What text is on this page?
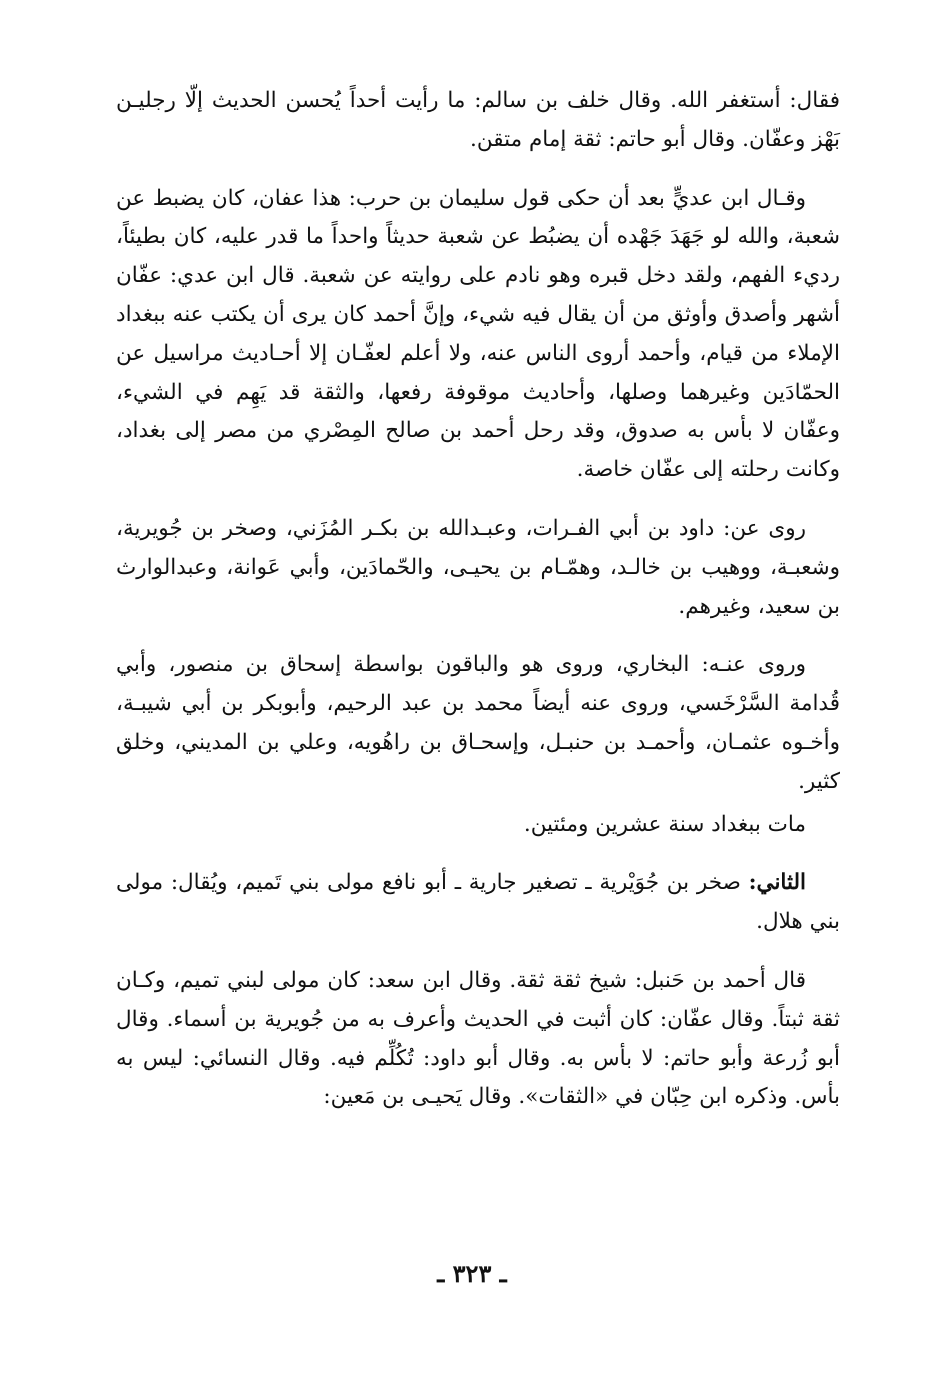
فقال: أستغفر الله. وقال خلف بن سالم: ما رأيت أحداً يُحسن الحديث إلّا رجليـن بَهْز وعفّان. وقال أبو حاتم: ثقة إمام متقن.

وقـال ابن عديٍّ بعد أن حكى قول سليمان بن حرب: هذا عفان، كان يضبط عن شعبة، والله لو جَهَدَ جَهْده أن يضبُط عن شعبة حديثاً واحداً ما قدر عليه، كان بطيئاً، رديء الفهم، ولقد دخل قبره وهو نادم على روايته عن شعبة. قال ابن عدي: عفّان أشهر وأصدق وأوثق من أن يقال فيه شيء، وإنَّ أحمد كان يرى أن يكتب عنه ببغداد الإملاء من قيام، وأحمد أروى الناس عنه، ولا أعلم لعفّـان إلا أحـاديث مراسيل عن الحمّادَين وغيرهما وصلها، وأحاديث موقوفة رفعها، والثقة قد يَهِم في الشيء، وعفّان لا بأس به صدوق، وقد رحل أحمد بن صالح المِصْري من مصر إلى بغداد، وكانت رحلته إلى عفّان خاصة.

روى عن: داود بن أبي الفـرات، وعبـدالله بن بكـر المُزَني، وصخر بن جُويرية، وشعبـة، ووهيب بن خالـد، وهمّـام بن يحيـى، والحّمادَين، وأبي عَوانة، وعبدالوارث بن سعيد، وغيرهم.

وروى عنـه: البخاري، وروى هو والباقون بواسطة إسحاق بن منصور، وأبي قُدامة السَّرْخَسي، وروى عنه أيضاً محمد بن عبد الرحيم، وأبوبكر بن أبي شيبـة، وأخـوه عثمـان، وأحمـد بن حنبـل، وإسحـاق بن راهُويه، وعلي بن المديني، وخلق كثير.

مات ببغداد سنة عشرين ومئتين.

الثاني: صخر بن جُوَيْرية ـ تصغير جارية ـ أبو نافع مولى بني تَميم، ويُقال: مولى بني هلال.

قال أحمد بن حَنبل: شيخ ثقة ثقة. وقال ابن سعد: كان مولى لبني تميم، وكـان ثقة ثبتاً. وقال عفّان: كان أثبت في الحديث وأعرف به من جُويرية بن أسماء. وقال أبو زُرعة وأبو حاتم: لا بأس به. وقال أبو داود: تُكُلِّم فيه. وقال النسائي: ليس به بأس. وذكره ابن حِبّان في «الثقات». وقال يَحيـى بن مَعين:

ـ ٣٢٣ ـ
